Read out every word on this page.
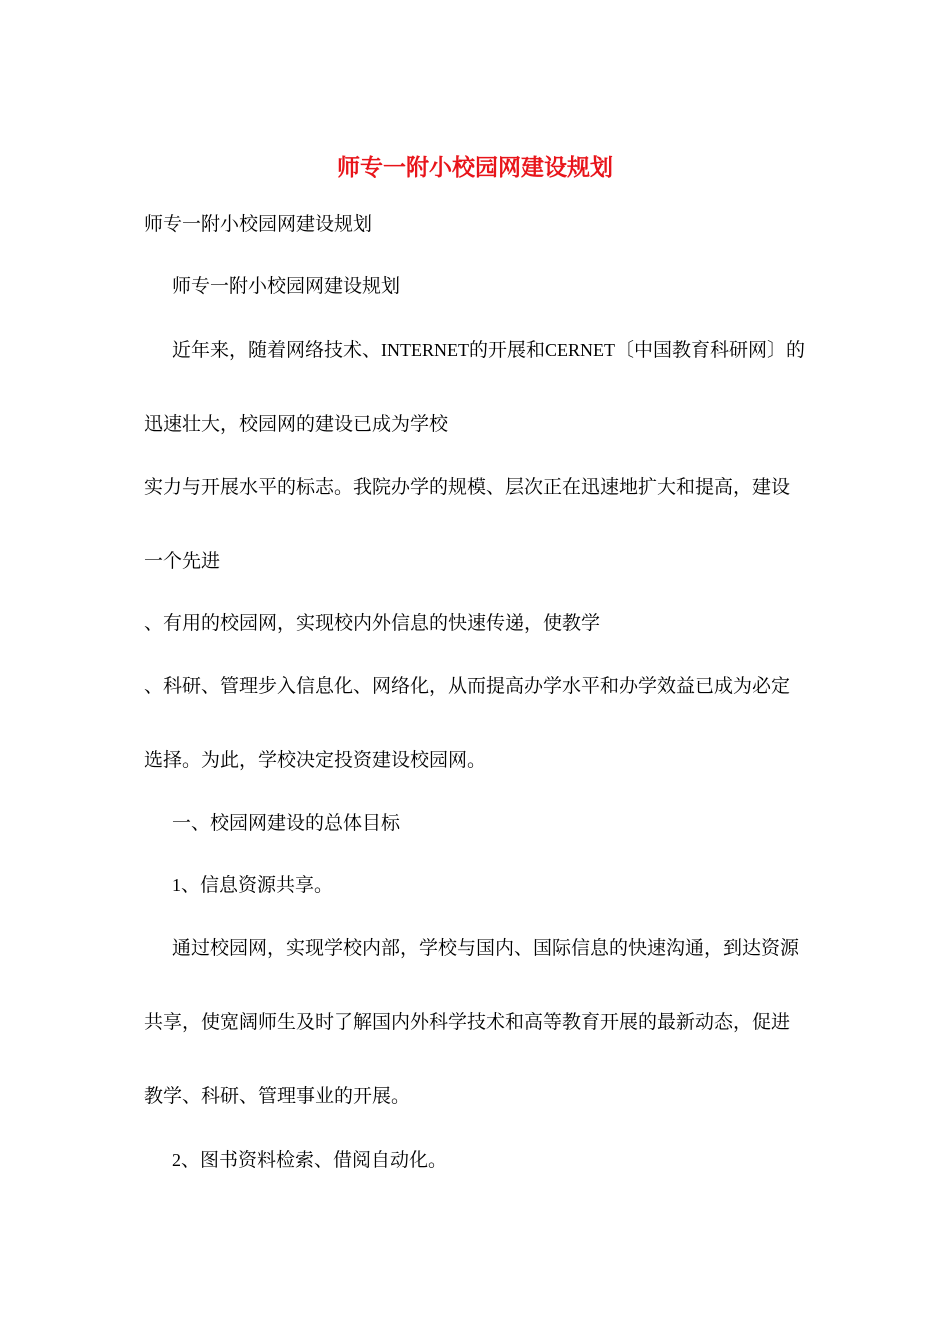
师专一附小校园网建设规划
师专一附小校园网建设规划
师专一附小校园网建设规划
近年来，随着网络技术、INTERNET的开展和CERNET〔中国教育科研网〕的
迅速壮大，校园网的建设已成为学校
实力与开展水平的标志。我院办学的规模、层次正在迅速地扩大和提高，建设
一个先进
、有用的校园网，实现校内外信息的快速传递，使教学
、科研、管理步入信息化、网络化，从而提高办学水平和办学效益已成为必定
选择。为此，学校决定投资建设校园网。
一、校园网建设的总体目标
1、信息资源共享。
通过校园网，实现学校内部，学校与国内、国际信息的快速沟通，到达资源
共享，使宽阔师生及时了解国内外科学技术和高等教育开展的最新动态，促进
教学、科研、管理事业的开展。
2、图书资料检索、借阅自动化。
